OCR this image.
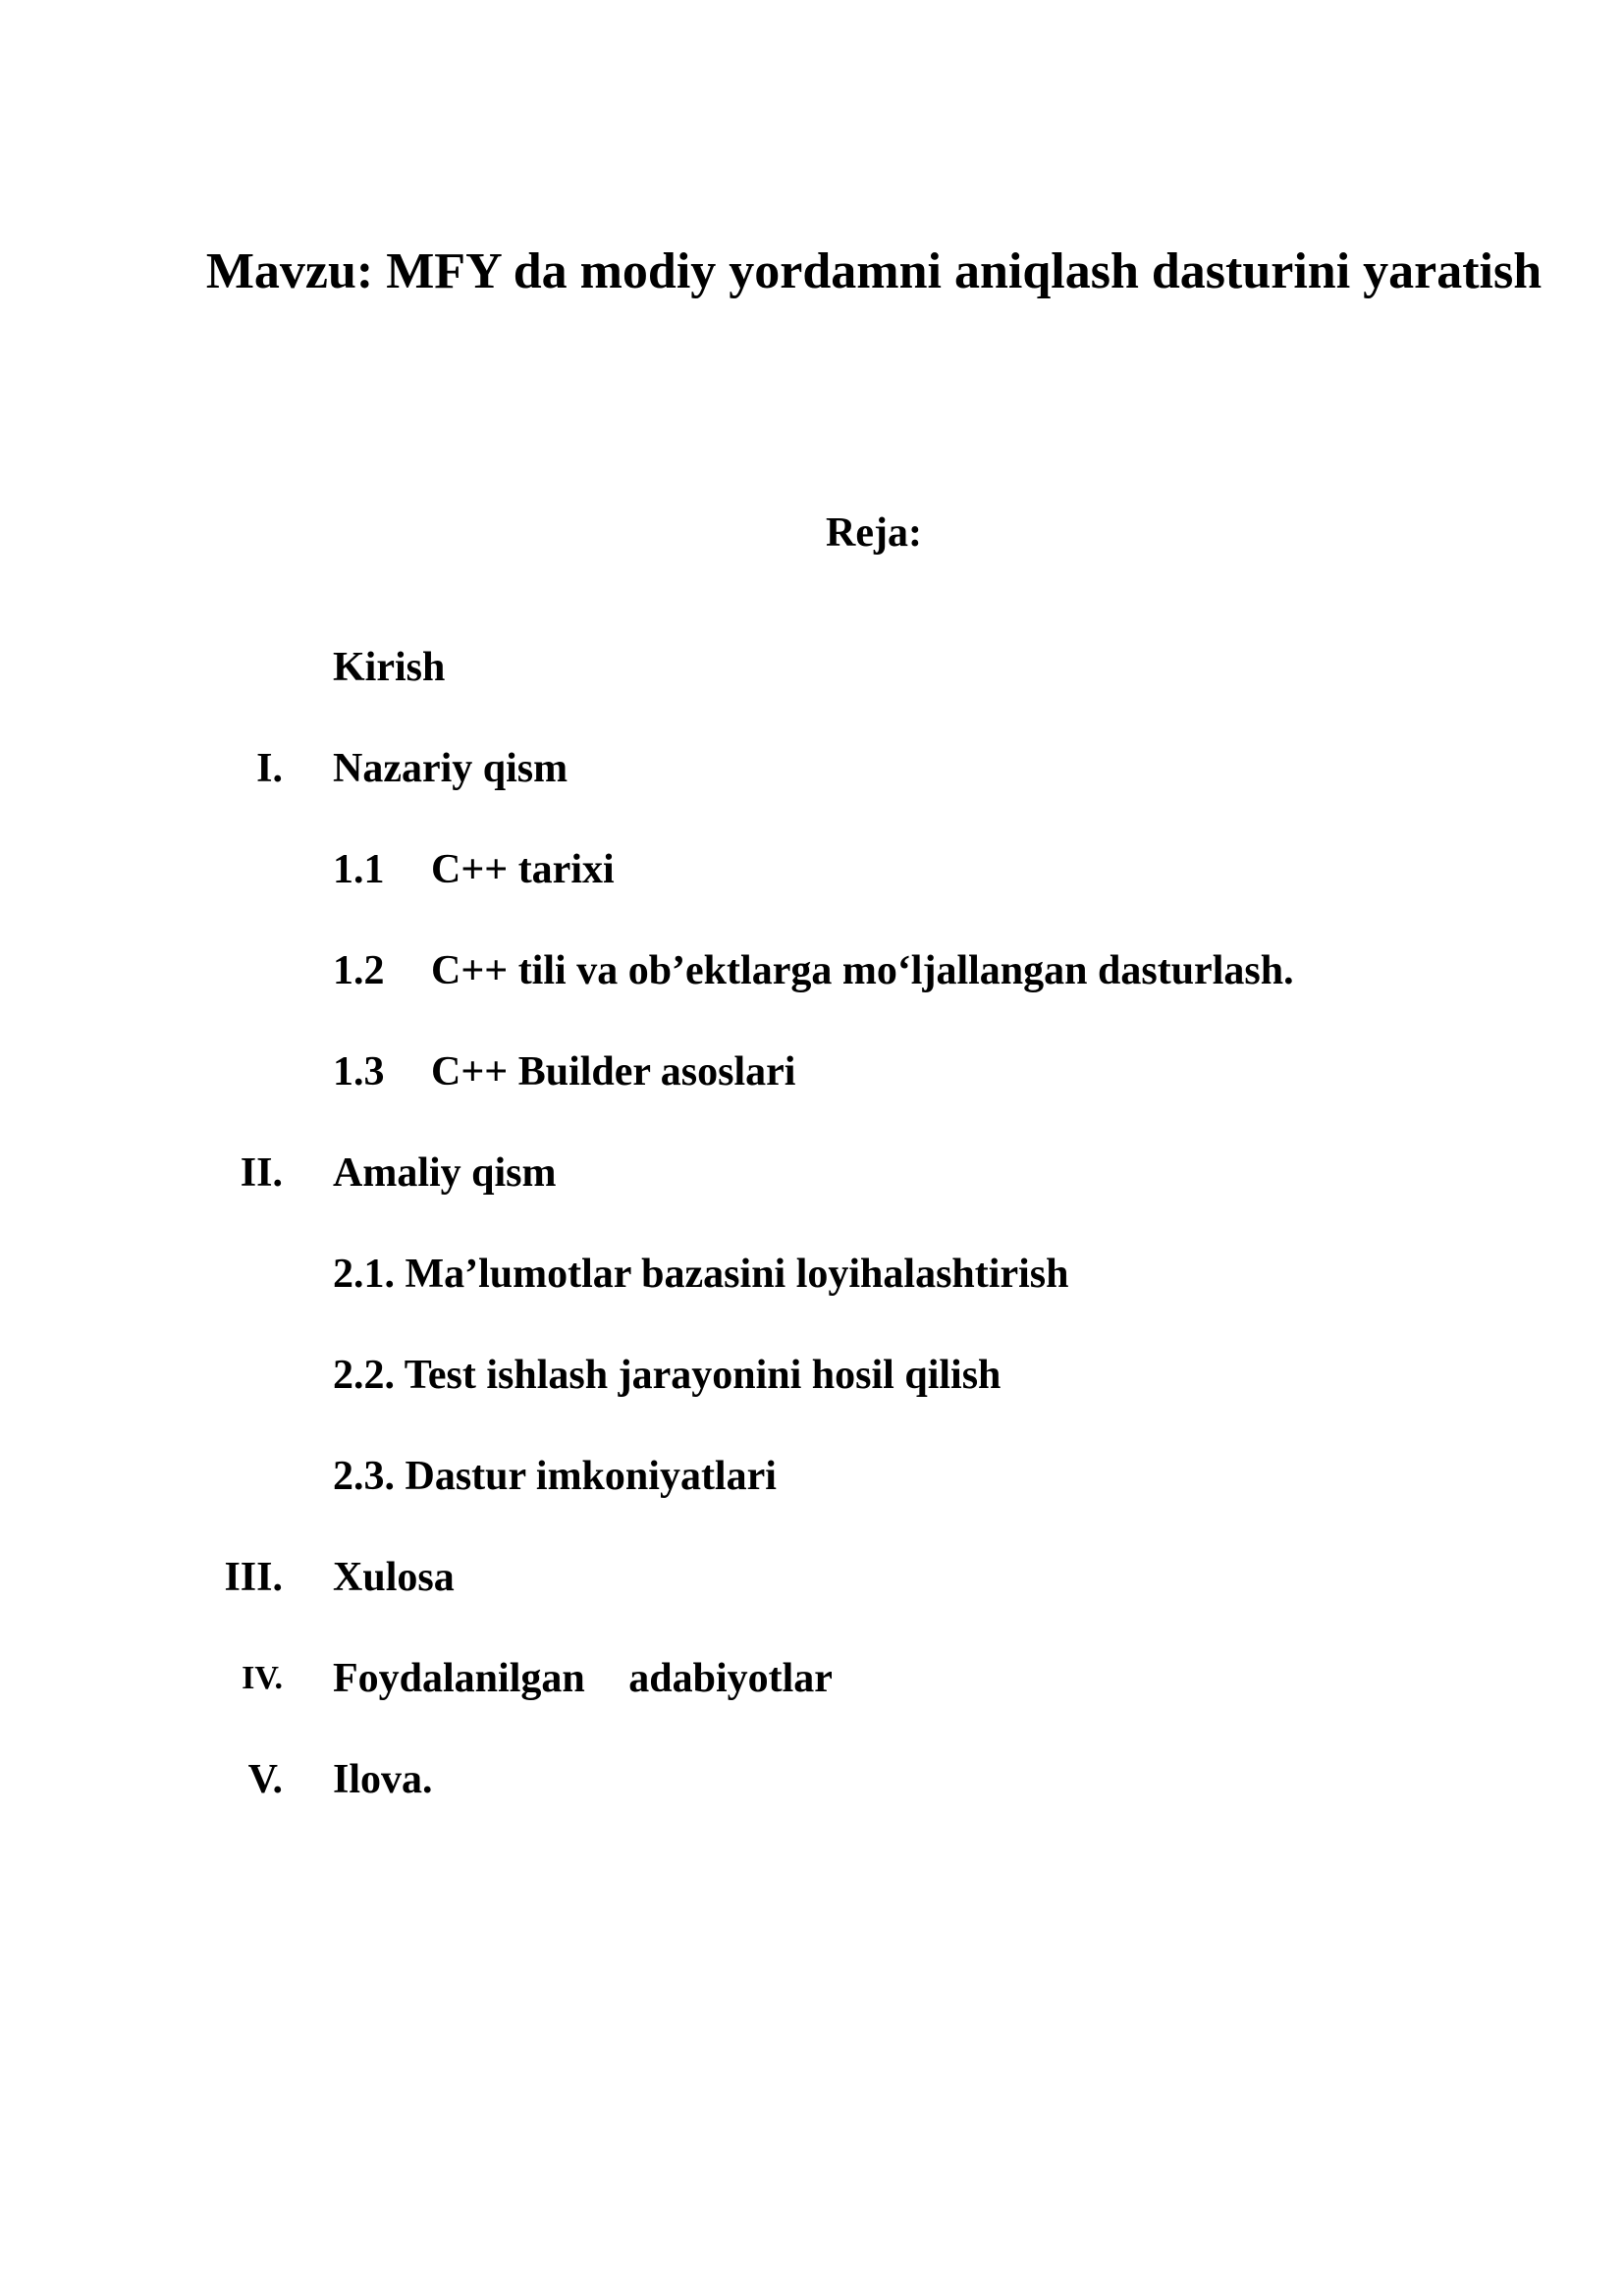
Mavzu: MFY da modiy yordamni aniqlash dasturini yaratish
Reja:
Kirish
I. Nazariy qism
1.1 C++ tarixi
1.2 C++ tili va ob’ektlarga mo‘ljallangan dasturlash.
1.3 C++ Builder asoslari
II. Amaliy qism
2.1. Ma’lumotlar bazasini loyihalashtirish
2.2. Test ishlash jarayonini hosil qilish
2.3. Dastur imkoniyatlari
III. Xulosa
IV. Foydalanilgan adabiyotlar
V. Ilova.
